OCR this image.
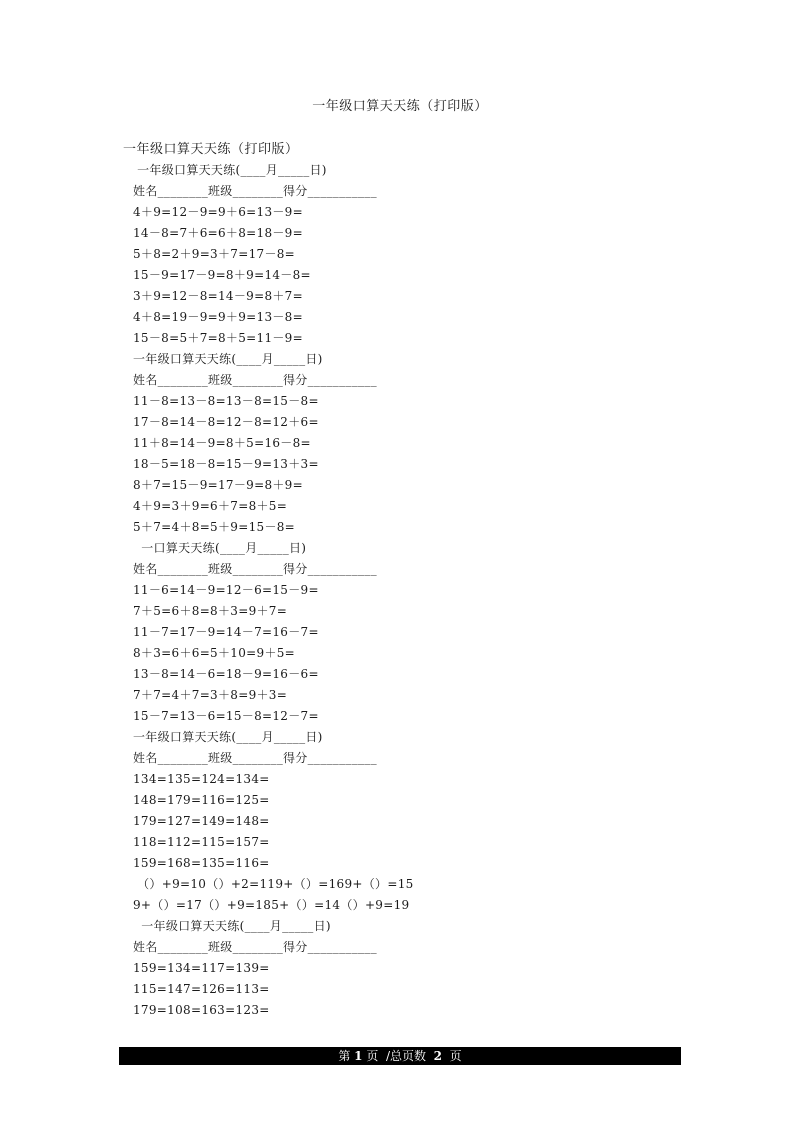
一年级口算天天练（打印版）
一年级口算天天练（打印版）
一年级口算天天练(____月_____日)
姓名________班级________得分___________
4＋9=12－9=9＋6=13－9=
14－8=7＋6=6＋8=18－9=
5＋8=2＋9=3＋7=17－8=
15－9=17－9=8＋9=14－8=
3＋9=12－8=14－9=8＋7=
4＋8=19－9=9＋9=13－8=
15－8=5＋7=8＋5=11－9=
一年级口算天天练(____月_____日)
姓名________班级________得分___________
11－8=13－8=13－8=15－8=
17－8=14－8=12－8=12＋6=
11＋8=14－9=8＋5=16－8=
18－5=18－8=15－9=13＋3=
8＋7=15－9=17－9=8＋9=
4＋9=3＋9=6＋7=8＋5=
5＋7=4＋8=5＋9=15－8=
一口算天天练(____月_____日)
姓名________班级________得分___________
11－6=14－9=12－6=15－9=
7＋5=6＋8=8＋3=9＋7=
11－7=17－9=14－7=16－7=
8＋3=6＋6=5＋10=9＋5=
13－8=14－6=18－9=16－6=
7＋7=4＋7=3＋8=9＋3=
15－7=13－6=15－8=12－7=
一年级口算天天练(____月_____日)
姓名________班级________得分___________
134=135=124=134=
148=179=116=125=
179=127=149=148=
118=112=115=157=
159=168=135=116=
（）+9=10（）+2=119+（）=169+（）=15
9+（）=17（）+9=185+（）=14（）+9=19
一年级口算天天练(____月_____日)
姓名________班级________得分___________
159=134=117=139=
115=147=126=113=
179=108=163=123=
第 1 页  /总页数  2  页
